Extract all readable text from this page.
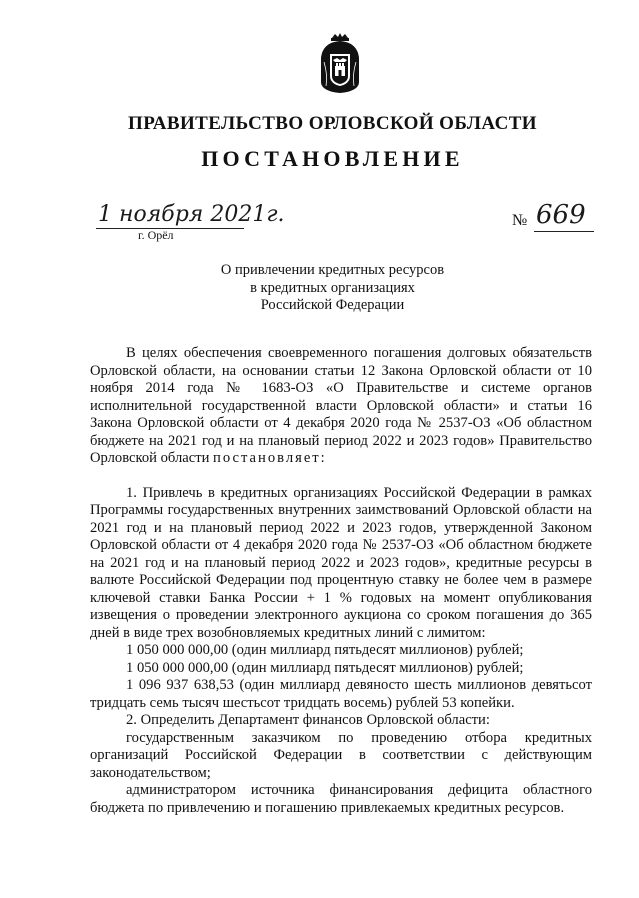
ПРАВИТЕЛЬСТВО ОРЛОВСКОЙ ОБЛАСТИ
ПОСТАНОВЛЕНИЕ
1 ноября 2021г.
г. Орёл
№ 669
О привлечении кредитных ресурсов
в кредитных организациях
Российской Федерации

В целях обеспечения своевременного погашения долговых обязательств Орловской области, на основании статьи 12 Закона Орловской области от 10 ноября 2014 года № 1683-ОЗ «О Правительстве и системе органов исполнительной государственной власти Орловской области» и статьи 16 Закона Орловской области от 4 декабря 2020 года № 2537-ОЗ «Об областном бюджете на 2021 год и на плановый период 2022 и 2023 годов» Правительство Орловской области постановляет:

1. Привлечь в кредитных организациях Российской Федерации в рамках Программы государственных внутренних заимствований Орловской области на 2021 год и на плановый период 2022 и 2023 годов, утвержденной Законом Орловской области от 4 декабря 2020 года № 2537-ОЗ «Об областном бюджете на 2021 год и на плановый период 2022 и 2023 годов», кредитные ресурсы в валюте Российской Федерации под процентную ставку не более чем в размере ключевой ставки Банка России + 1 % годовых на момент опубликования извещения о проведении электронного аукциона со сроком погашения до 365 дней в виде трех возобновляемых кредитных линий с лимитом:

1 050 000 000,00 (один миллиард пятьдесят миллионов) рублей;

1 050 000 000,00 (один миллиард пятьдесят миллионов) рублей;

1 096 937 638,53 (один миллиард девяносто шесть миллионов девятьсот тридцать семь тысяч шестьсот тридцать восемь) рублей 53 копейки.

2. Определить Департамент финансов Орловской области:

государственным заказчиком по проведению отбора кредитных организаций Российской Федерации в соответствии с действующим законодательством;

администратором источника финансирования дефицита областного бюджета по привлечению и погашению привлекаемых кредитных ресурсов.
